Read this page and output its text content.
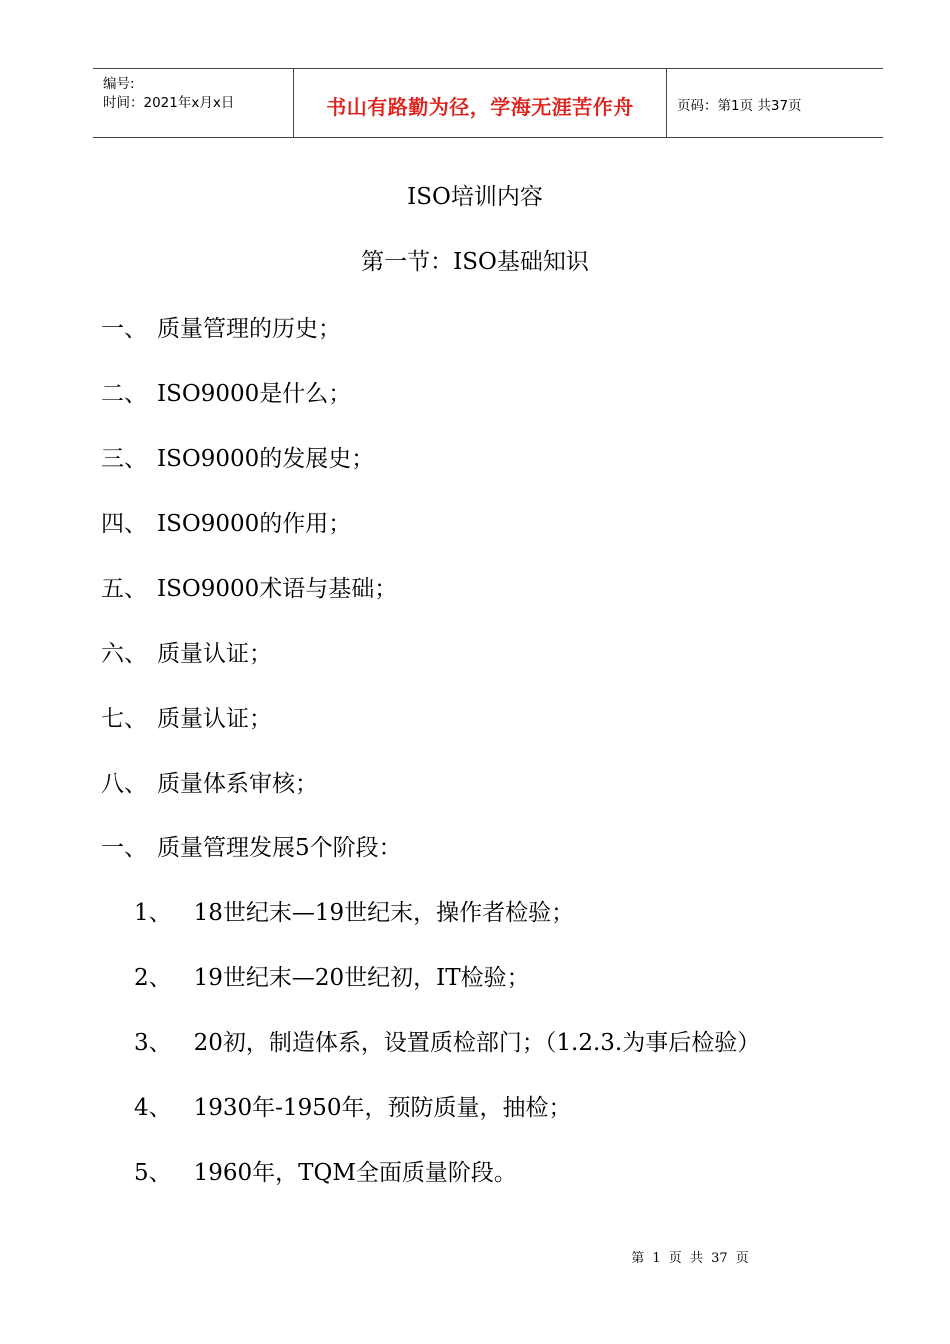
编号:
时间：2021年x月x日	书山有路勤为径，学海无涯苦作舟	页码：第1页 共37页
ISO培训内容
第一节：ISO基础知识
一、 质量管理的历史；
二、 ISO9000是什么；
三、 ISO9000的发展史；
四、 ISO9000的作用；
五、 ISO9000术语与基础；
六、 质量认证；
七、 质量认证；
八、 质量体系审核；
一、 质量管理发展5个阶段：
1、 18世纪末—19世纪末，操作者检验；
2、 19世纪末—20世纪初，IT检验；
3、 20初，制造体系，设置质检部门；（1.2.3.为事后检验）
4、 1930年-1950年，预防质量，抽检；
5、 1960年，TQM全面质量阶段。
第 1 页 共 37 页
